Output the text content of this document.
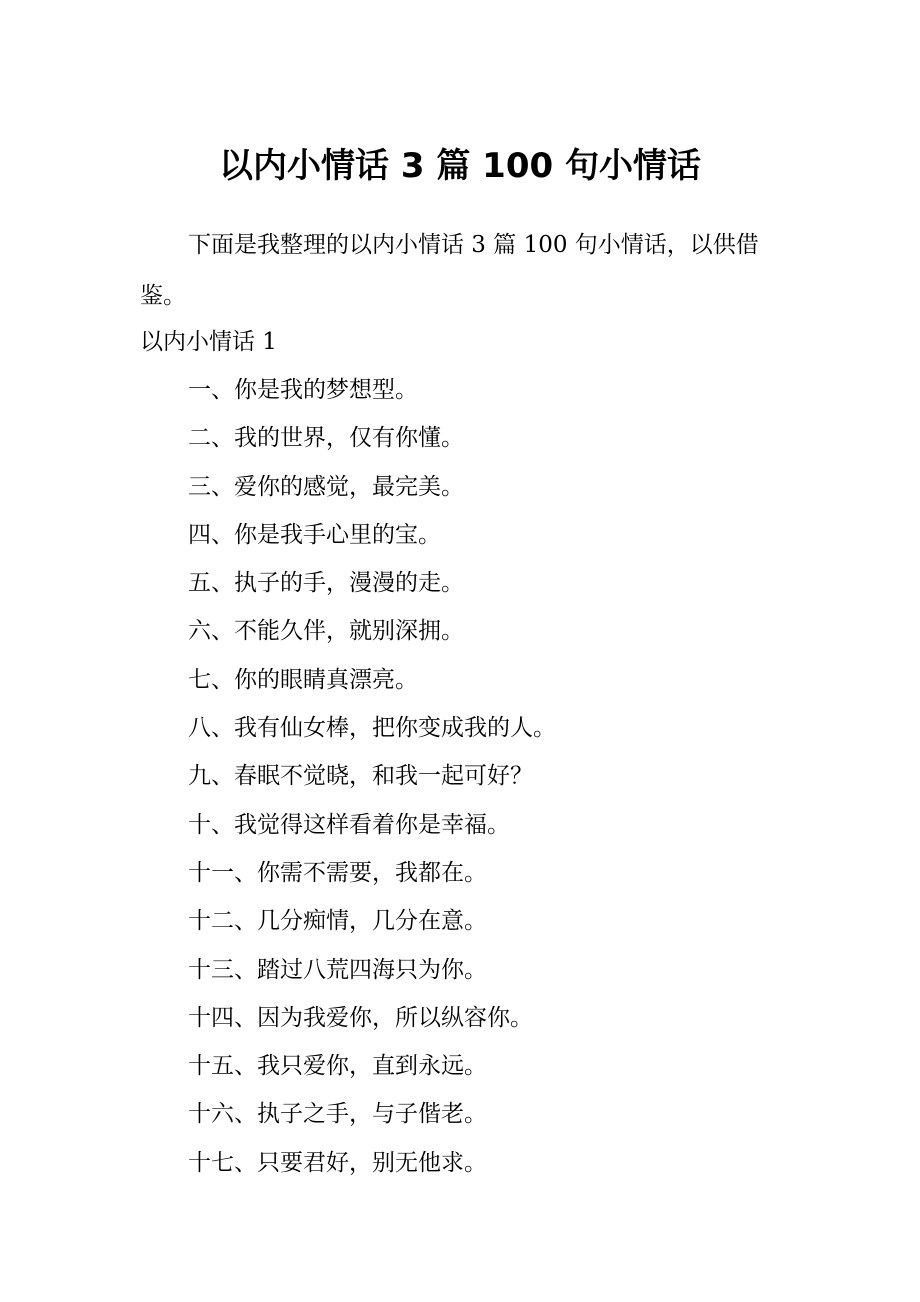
以内小情话 3 篇 100 句小情话
下面是我整理的以内小情话 3 篇 100 句小情话，以供借鉴。
以内小情话 1
一、你是我的梦想型。
二、我的世界，仅有你懂。
三、爱你的感觉，最完美。
四、你是我手心里的宝。
五、执子的手，漫漫的走。
六、不能久伴，就别深拥。
七、你的眼睛真漂亮。
八、我有仙女棒，把你变成我的人。
九、春眠不觉晓，和我一起可好？
十、我觉得这样看着你是幸福。
十一、你需不需要，我都在。
十二、几分痴情，几分在意。
十三、踏过八荒四海只为你。
十四、因为我爱你，所以纵容你。
十五、我只爱你，直到永远。
十六、执子之手，与子偕老。
十七、只要君好，别无他求。
